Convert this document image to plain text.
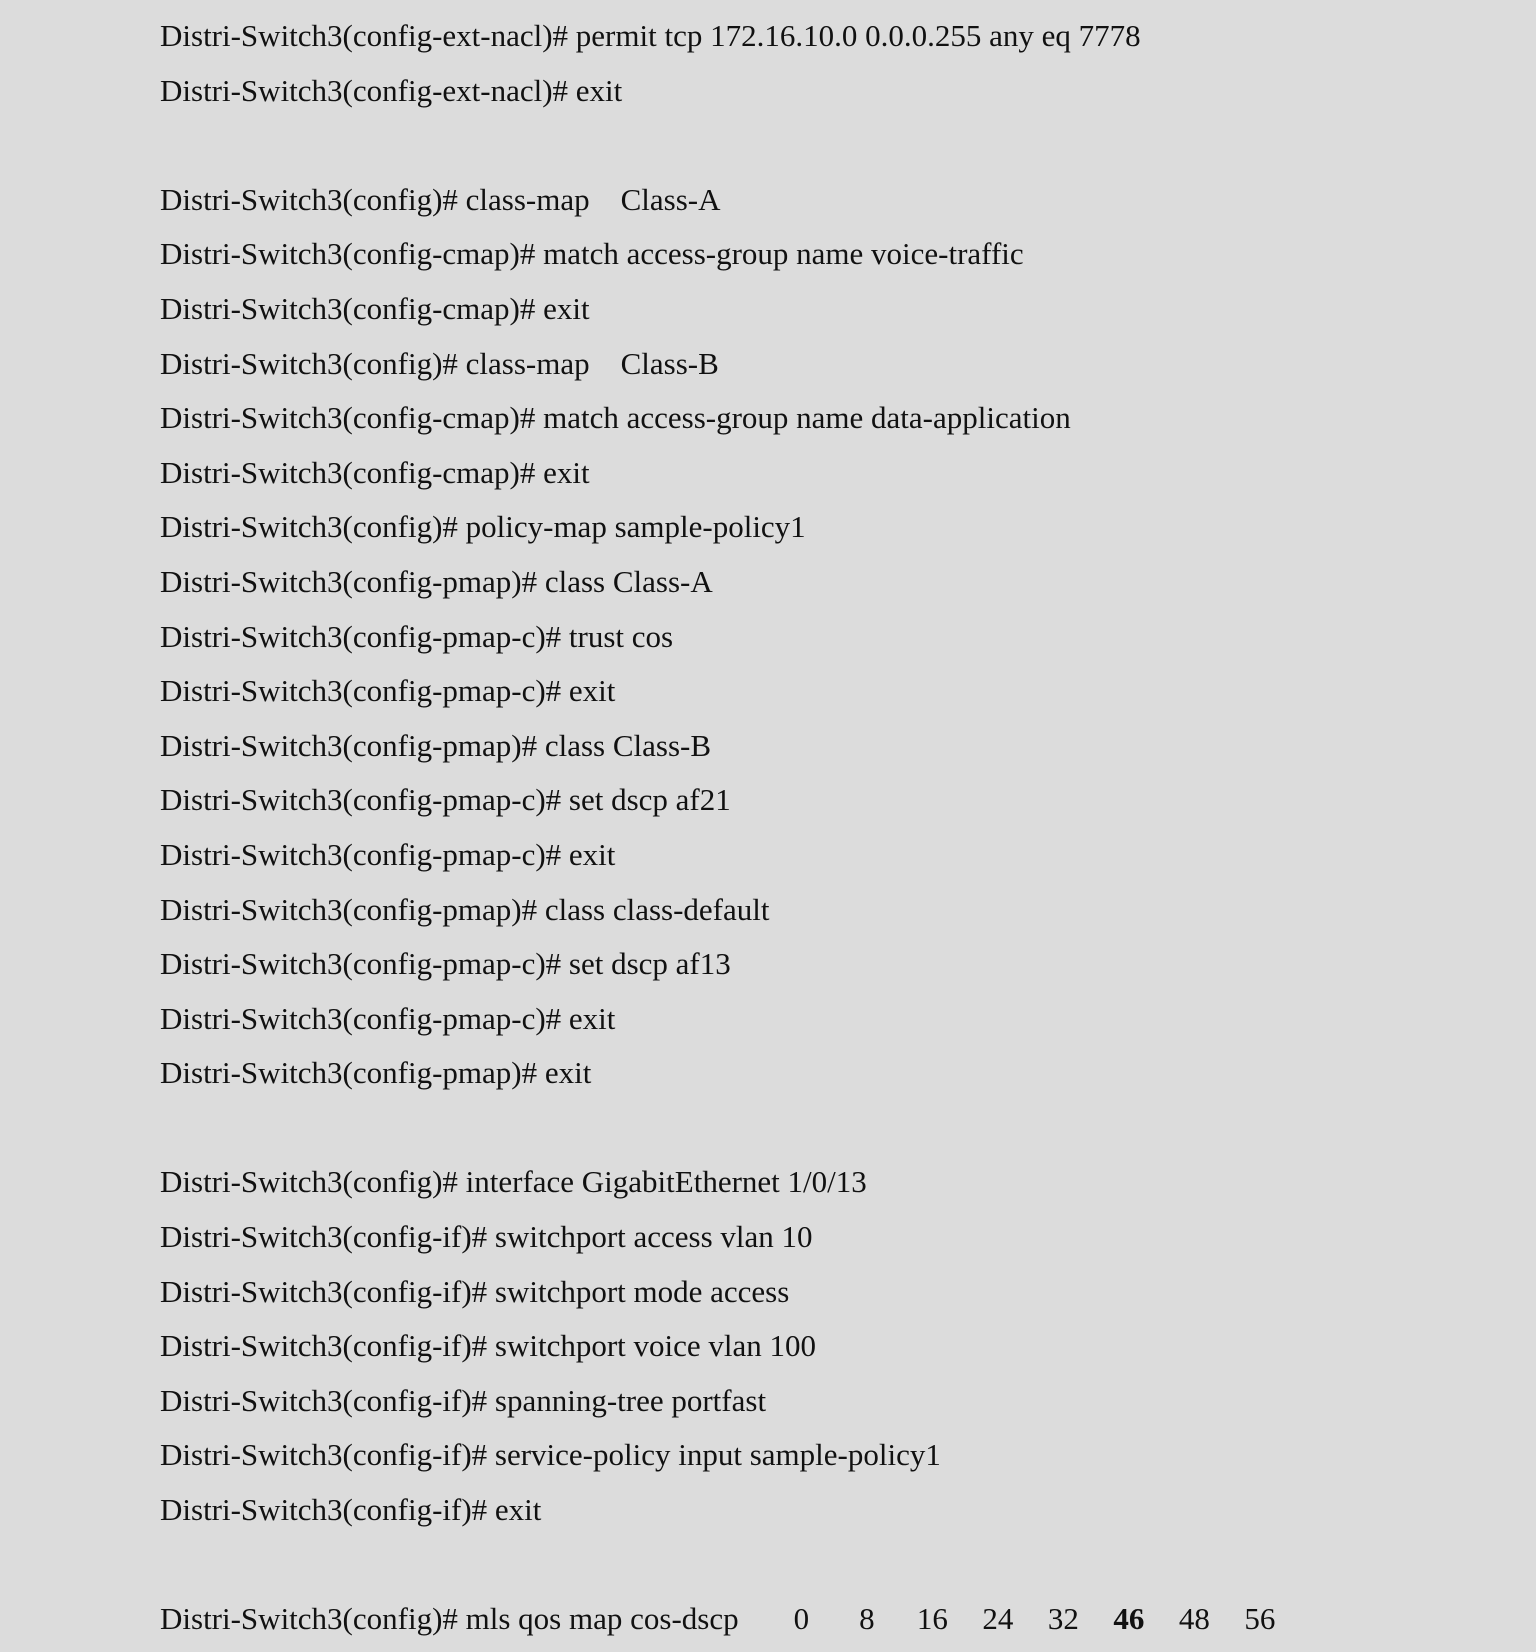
Distri-Switch3(config-ext-nacl)# permit tcp 172.16.10.0 0.0.0.255 any eq 7778
Distri-Switch3(config-ext-nacl)# exit
Distri-Switch3(config)# class-map    Class-A
Distri-Switch3(config-cmap)# match access-group name voice-traffic
Distri-Switch3(config-cmap)# exit
Distri-Switch3(config)# class-map    Class-B
Distri-Switch3(config-cmap)# match access-group name data-application
Distri-Switch3(config-cmap)# exit
Distri-Switch3(config)# policy-map sample-policy1
Distri-Switch3(config-pmap)# class Class-A
Distri-Switch3(config-pmap-c)# trust cos
Distri-Switch3(config-pmap-c)# exit
Distri-Switch3(config-pmap)# class Class-B
Distri-Switch3(config-pmap-c)# set dscp af21
Distri-Switch3(config-pmap-c)# exit
Distri-Switch3(config-pmap)# class class-default
Distri-Switch3(config-pmap-c)# set dscp af13
Distri-Switch3(config-pmap-c)# exit
Distri-Switch3(config-pmap)# exit
Distri-Switch3(config)# interface GigabitEthernet 1/0/13
Distri-Switch3(config-if)# switchport access vlan 10
Distri-Switch3(config-if)# switchport mode access
Distri-Switch3(config-if)# switchport voice vlan 100
Distri-Switch3(config-if)# spanning-tree portfast
Distri-Switch3(config-if)# service-policy input sample-policy1
Distri-Switch3(config-if)# exit
Distri-Switch3(config)# mls qos map cos-dscp	0	8	16	24	32	46	48	56
